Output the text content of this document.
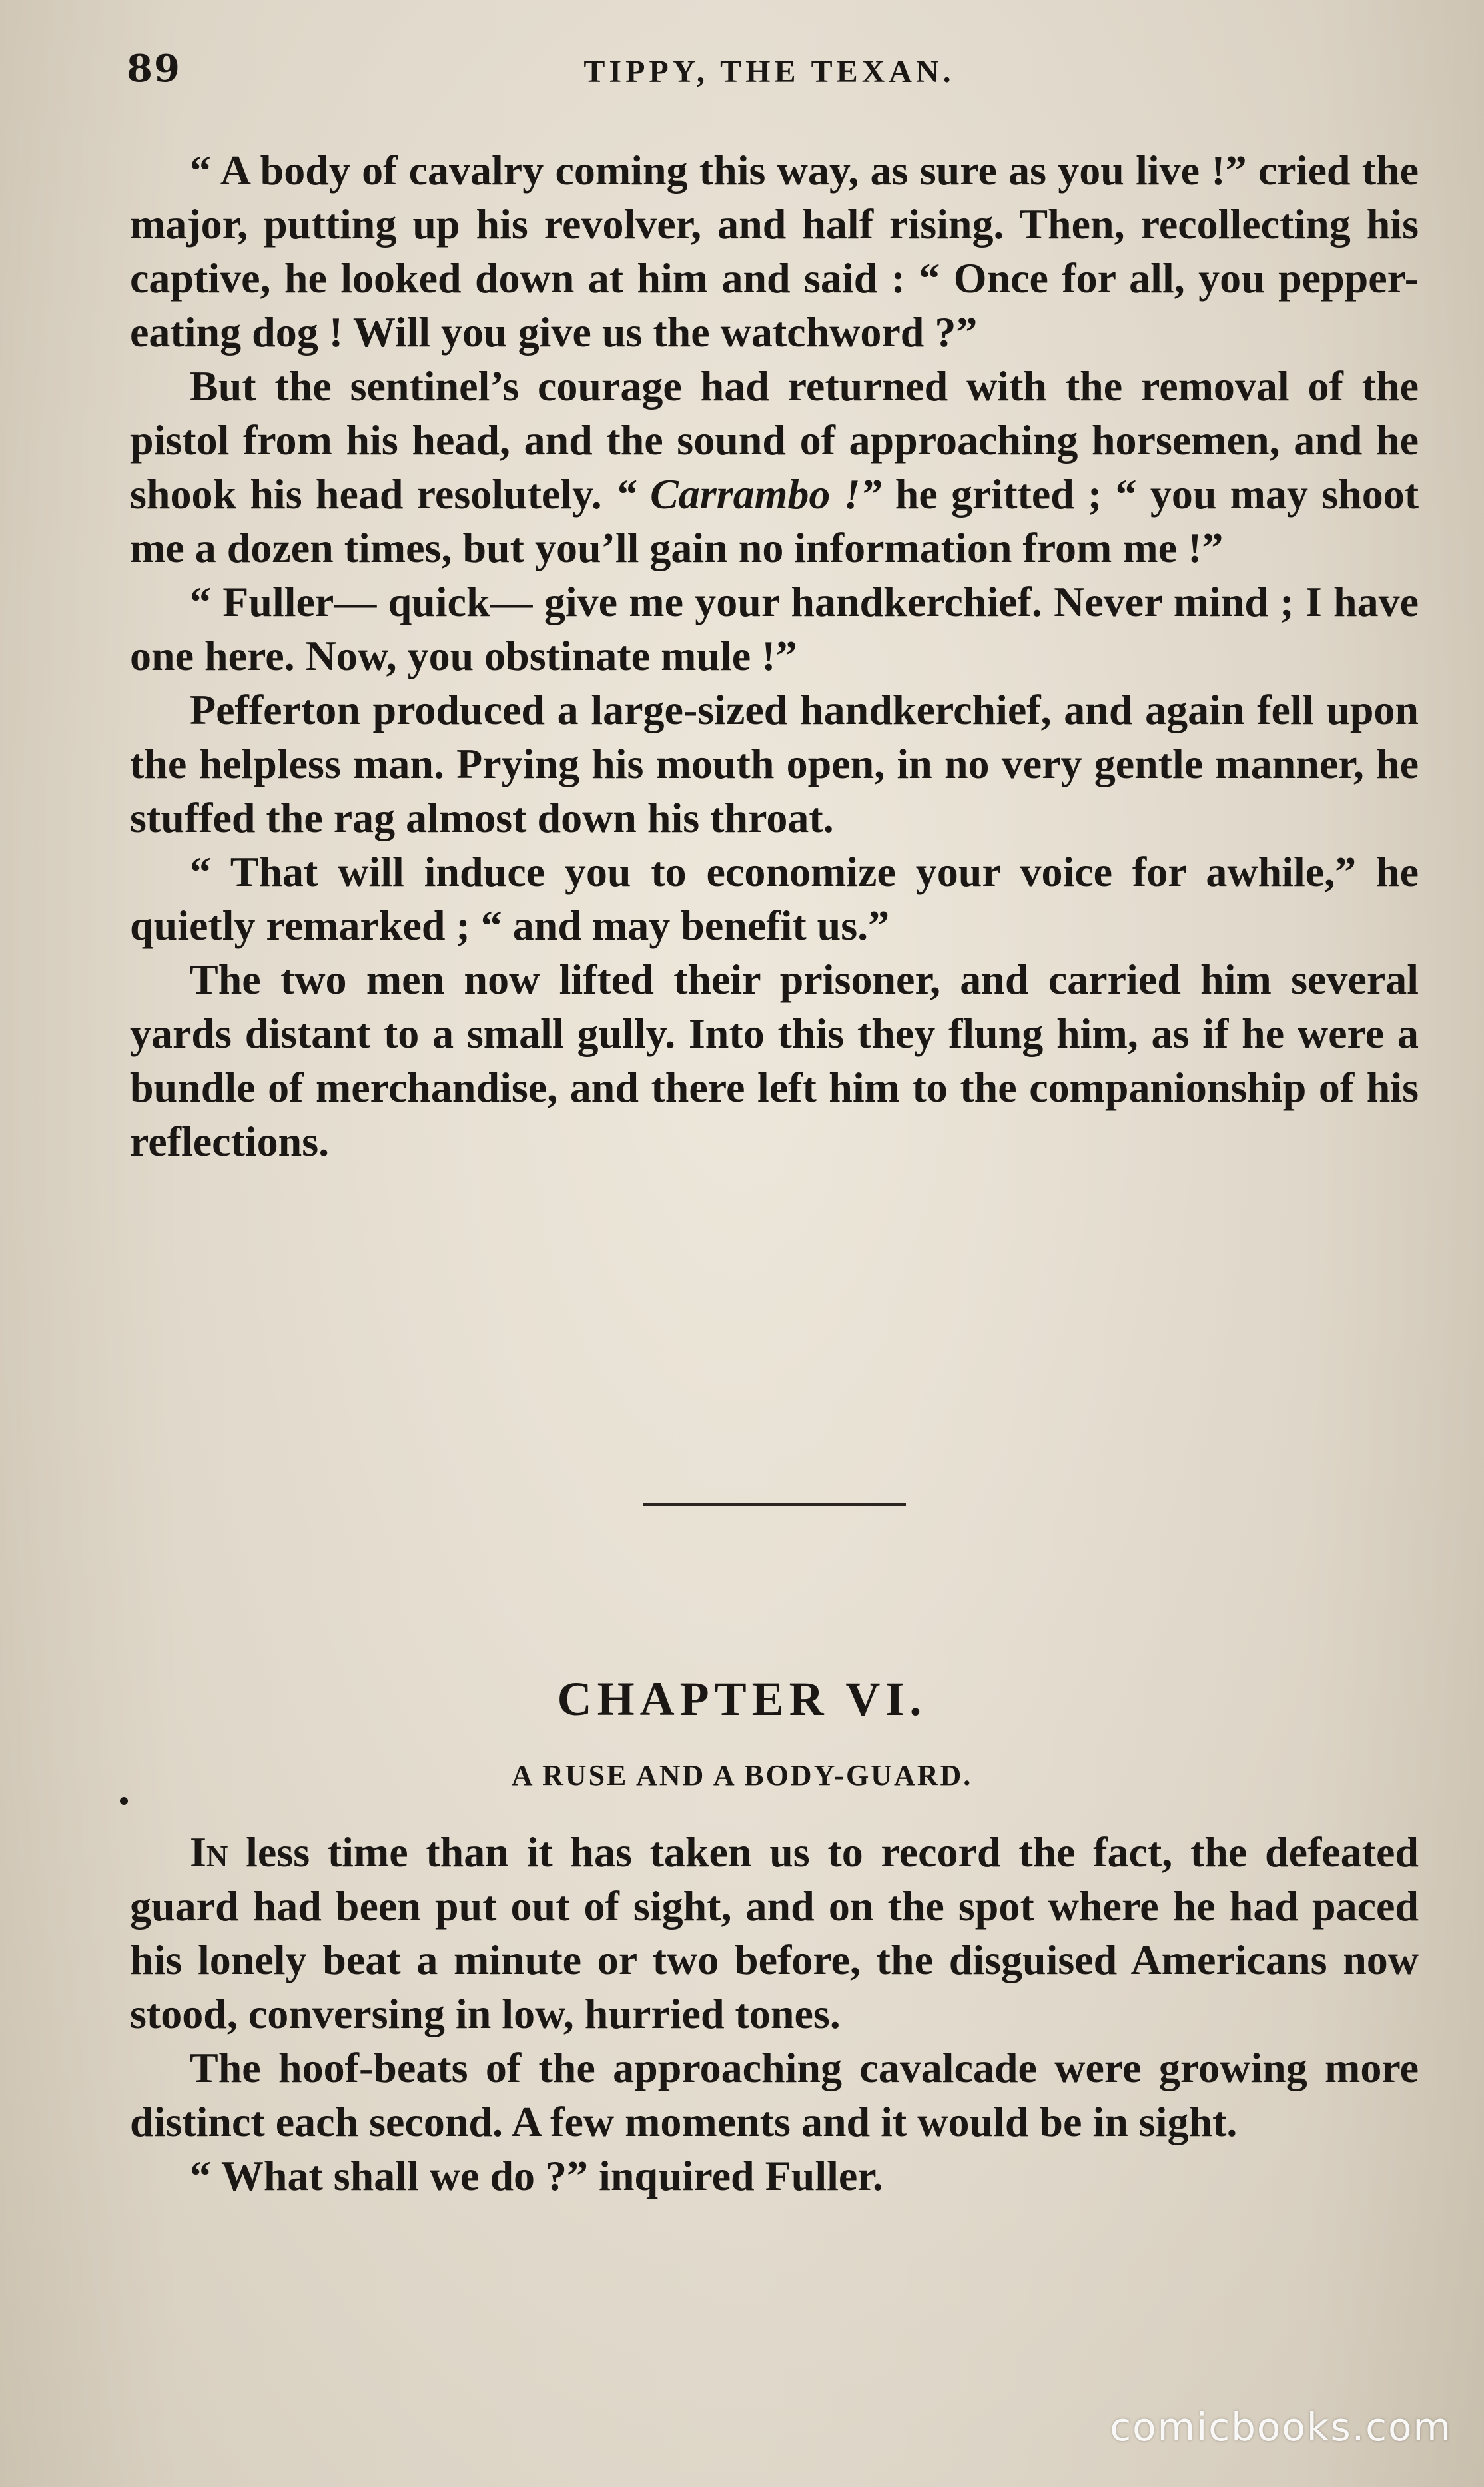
89	TIPPY, THE TEXAN.

“ A body of cavalry coming this way, as sure as you live !” cried the major, putting up his revolver, and half rising. Then, recollecting his captive, he looked down at him and said : “ Once for all, you pepper-eating dog ! Will you give us the watchword ?”

But the sentinel’s courage had returned with the removal of the pistol from his head, and the sound of approaching horsemen, and he shook his head resolutely. “ Carrambo !” he gritted ; “ you may shoot me a dozen times, but you’ll gain no information from me !”

“ Fuller— quick— give me your handkerchief. Never mind ; I have one here. Now, you obstinate mule !”

Pefferton produced a large-sized handkerchief, and again fell upon the helpless man. Prying his mouth open, in no very gentle manner, he stuffed the rag almost down his throat.

“ That will induce you to economize your voice for awhile,” he quietly remarked ; “ and may benefit us.”

The two men now lifted their prisoner, and carried him several yards distant to a small gully. Into this they flung him, as if he were a bundle of merchandise, and there left him to the companionship of his reflections.

CHAPTER VI.
A RUSE AND A BODY-GUARD.

In less time than it has taken us to record the fact, the defeated guard had been put out of sight, and on the spot where he had paced his lonely beat a minute or two before, the disguised Americans now stood, conversing in low, hurried tones.

The hoof-beats of the approaching cavalcade were growing more distinct each second. A few moments and it would be in sight.

“ What shall we do ?” inquired Fuller.

comicbooks.com
